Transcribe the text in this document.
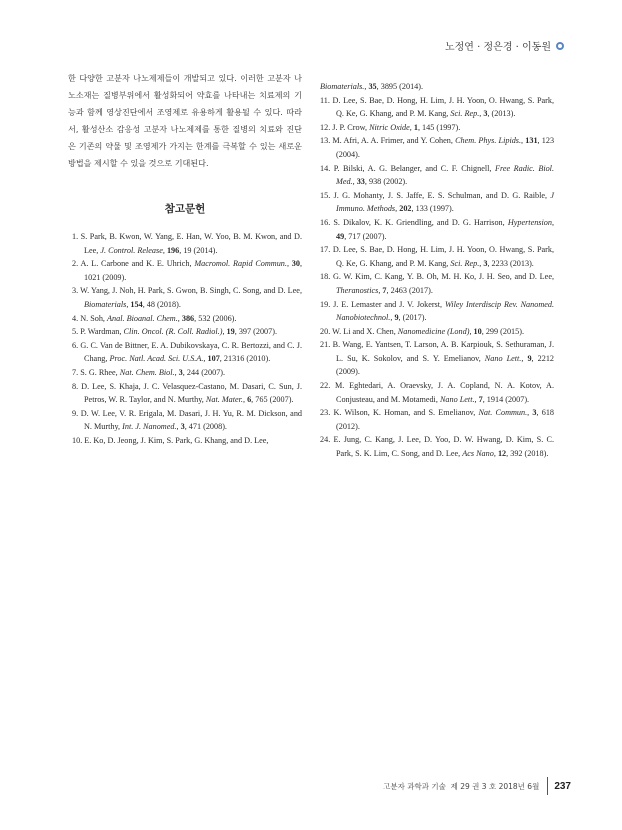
노정연 · 정은경 · 이동원

한 다양한 고분자 나노제제들이 개발되고 있다. 이러한 고분자 나노소재는 질병부위에서 활성화되어 약효를 나타내는 치료제의 기능과 함께 영상진단에서 조영제로 유용하게 활용될 수 있다. 따라서, 활성산소 감응성 고분자 나노제제를 통한 질병의 치료와 진단은 기존의 약물 및 조영제가 가지는 한계를 극복할 수 있는 새로운 방법을 제시할 수 있을 것으로 기대된다.

참고문헌
1. S. Park, B. Kwon, W. Yang, E. Han, W. Yoo, B. M. Kwon, and D. Lee, J. Control. Release, 196, 19 (2014).
2. A. L. Carbone and K. E. Uhrich, Macromol. Rapid Commun., 30, 1021 (2009).
3. W. Yang, J. Noh, H. Park, S. Gwon, B. Singh, C. Song, and D. Lee, Biomaterials, 154, 48 (2018).
4. N. Soh, Anal. Bioanal. Chem., 386, 532 (2006).
5. P. Wardman, Clin. Oncol. (R. Coll. Radiol.), 19, 397 (2007).
6. G. C. Van de Bittner, E. A. Dubikovskaya, C. R. Bertozzi, and C. J. Chang, Proc. Natl. Acad. Sci. U.S.A., 107, 21316 (2010).
7. S. G. Rhee, Nat. Chem. Biol., 3, 244 (2007).
8. D. Lee, S. Khaja, J. C. Velasquez-Castano, M. Dasari, C. Sun, J. Petros, W. R. Taylor, and N. Murthy, Nat. Mater., 6, 765 (2007).
9. D. W. Lee, V. R. Erigala, M. Dasari, J. H. Yu, R. M. Dickson, and N. Murthy, Int. J. Nanomed., 3, 471 (2008).
10. E. Ko, D. Jeong, J. Kim, S. Park, G. Khang, and D. Lee,
Biomaterials., 35, 3895 (2014).
11. D. Lee, S. Bae, D. Hong, H. Lim, J. H. Yoon, O. Hwang, S. Park, Q. Ke, G. Khang, and P. M. Kang, Sci. Rep., 3, (2013).
12. J. P. Crow, Nitric Oxide, 1, 145 (1997).
13. M. Afri, A. A. Frimer, and Y. Cohen, Chem. Phys. Lipids., 131, 123 (2004).
14. P. Bilski, A. G. Belanger, and C. F. Chignell, Free Radic. Biol. Med., 33, 938 (2002).
15. J. G. Mohanty, J. S. Jaffe, E. S. Schulman, and D. G. Raible, J Immuno. Methods, 202, 133 (1997).
16. S. Dikalov, K. K. Griendling, and D. G. Harrison, Hypertension, 49, 717 (2007).
17. D. Lee, S. Bae, D. Hong, H. Lim, J. H. Yoon, O. Hwang, S. Park, Q. Ke, G. Khang, and P. M. Kang, Sci. Rep., 3, 2233 (2013).
18. G. W. Kim, C. Kang, Y. B. Oh, M. H. Ko, J. H. Seo, and D. Lee, Theranostics, 7, 2463 (2017).
19. J. E. Lemaster and J. V. Jokerst, Wiley Interdiscip Rev. Nanomed. Nanobiotechnol., 9, (2017).
20. W. Li and X. Chen, Nanomedicine (Lond), 10, 299 (2015).
21. B. Wang, E. Yantsen, T. Larson, A. B. Karpiouk, S. Sethuraman, J. L. Su, K. Sokolov, and S. Y. Emelianov, Nano Lett., 9, 2212 (2009).
22. M. Eghtedari, A. Oraevsky, J. A. Copland, N. A. Kotov, A. Conjusteau, and M. Motamedi, Nano Lett., 7, 1914 (2007).
23. K. Wilson, K. Homan, and S. Emelianov, Nat. Commun., 3, 618 (2012).
24. E. Jung, C. Kang, J. Lee, D. Yoo, D. W. Hwang, D. Kim, S. C. Park, S. K. Lim, C. Song, and D. Lee, Acs Nano, 12, 392 (2018).
고분자 과학과 기술
제 29 권 3 호 2018년 6월 237
